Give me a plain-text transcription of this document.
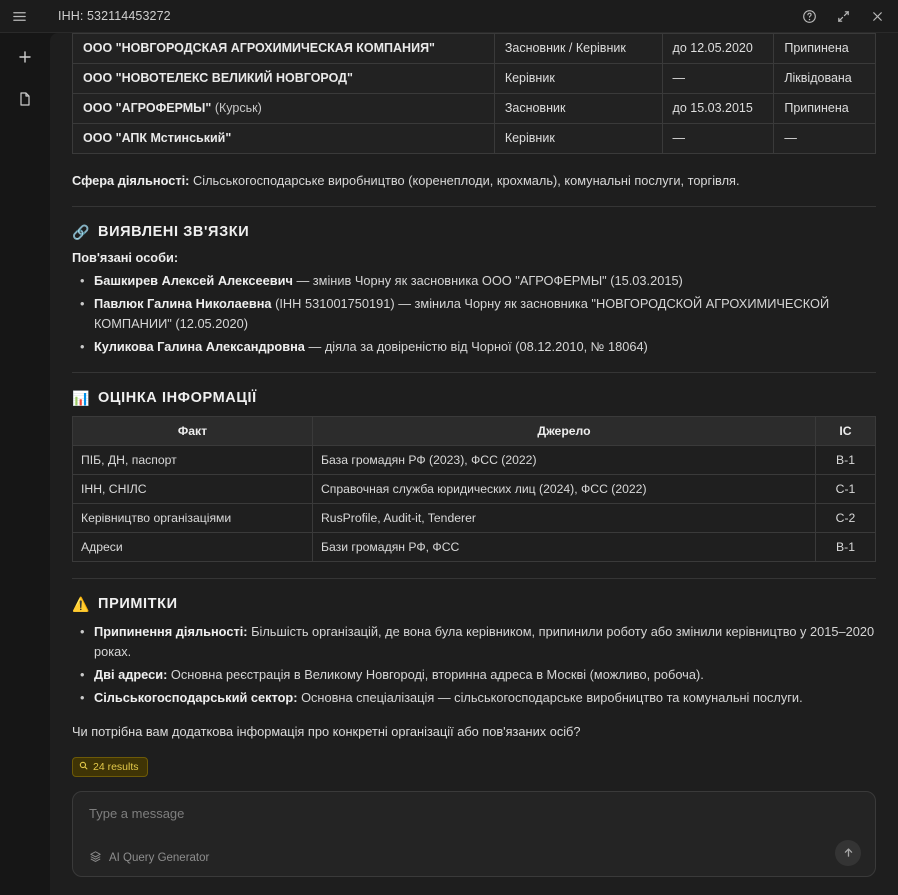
ІНН: 532114453272
ООО "НОВГОРОДСКАЯ АГРОХИМИЧЕСКАЯ КОМПАНИЯ"	Засновник / Керівник	до 12.05.2020	Припинена
ООО "НОВОТЕЛЕКС ВЕЛИКИЙ НОВГОРОД"	Керівник	—	Ліквідована
ООО "АГРОФЕРМЫ" (Курськ)	Засновник	до 15.03.2015	Припинена
ООО "АПК Мстинський"	Керівник	—	—

Сфера діяльності: Сільськогосподарське виробництво (коренеплоди, крохмаль), комунальні послуги, торгівля.

🔗 ВИЯВЛЕНІ ЗВ'ЯЗКИ
Пов'язані особи:
• Башкирев Алексей Алексеевич — змінив Чорну як засновника ООО "АГРОФЕРМЫ" (15.03.2015)
• Павлюк Галина Николаевна (ІНН 531001750191) — змінила Чорну як засновника "НОВГОРОДСКОЙ АГРОХИМИЧЕСКОЙ КОМПАНИИ" (12.05.2020)
• Куликова Галина Александровна — діяла за довіреністю від Чорної (08.12.2010, № 18064)
📊 ОЦІНКА ІНФОРМАЦІЇ
Факт	Джерело	ІС
ПІБ, ДН, паспорт	База громадян РФ (2023), ФСС (2022)	B-1
ІНН, СНІЛС	Справочная служба юридических лиц (2024), ФСС (2022)	C-1
Керівництво організаціями	RusProfile, Audit-it, Tenderer	C-2
Адреси	Бази громадян РФ, ФСС	B-1
⚠️ ПРИМІТКИ
• Припинення діяльності: Більшість організацій, де вона була керівником, припинили роботу або змінили керівництво у 2015–2020 роках.
• Дві адреси: Основна реєстрація в Великому Новгороді, вторинна адреса в Москві (можливо, робоча).
• Сільськогосподарський сектор: Основна спеціалізація — сільськогосподарське виробництво та комунальні послуги.

Чи потрібна вам додаткова інформація про конкретні організації або пов'язаних осіб?

24 results
Type a message
AI Query Generator
